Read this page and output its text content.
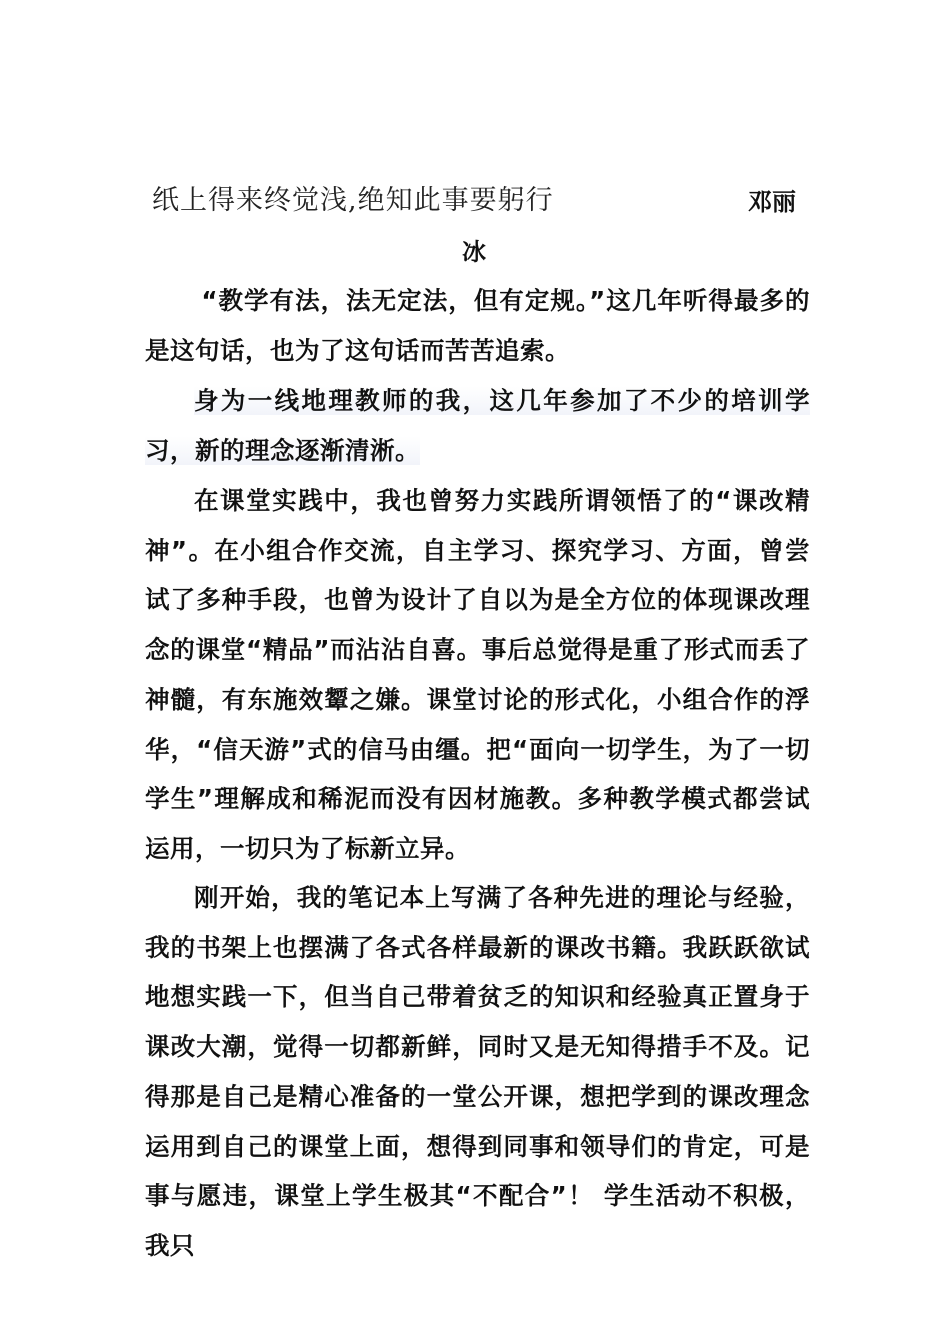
纸上得来终觉浅,绝知此事要躬行	邓丽
冰

“教学有法，法无定法，但有定规。”这几年听得最多的是这句话，也为了这句话而苦苦追索。

身为一线地理教师的我，这几年参加了不少的培训学习，新的理念逐渐清淅。

在课堂实践中，我也曾努力实践所谓领悟了的“课改精神”。在小组合作交流，自主学习、探究学习、方面，曾尝试了多种手段，也曾为设计了自以为是全方位的体现课改理念的课堂“精品”而沾沾自喜。事后总觉得是重了形式而丢了神髓，有东施效颦之嫌。课堂讨论的形式化，小组合作的浮华，“信天游”式的信马由缰。把“面向一切学生，为了一切学生”理解成和稀泥而没有因材施教。多种教学模式都尝试运用，一切只为了标新立异。

刚开始，我的笔记本上写满了各种先进的理论与经验，我的书架上也摆满了各式各样最新的课改书籍。我跃跃欲试地想实践一下，但当自己带着贫乏的知识和经验真正置身于课改大潮，觉得一切都新鲜，同时又是无知得措手不及。记得那是自己是精心准备的一堂公开课，想把学到的课改理念运用到自己的课堂上面，想得到同事和领导们的肯定，可是事与愿违，课堂上学生极其“不配合”！ 学生活动不积极，我只
